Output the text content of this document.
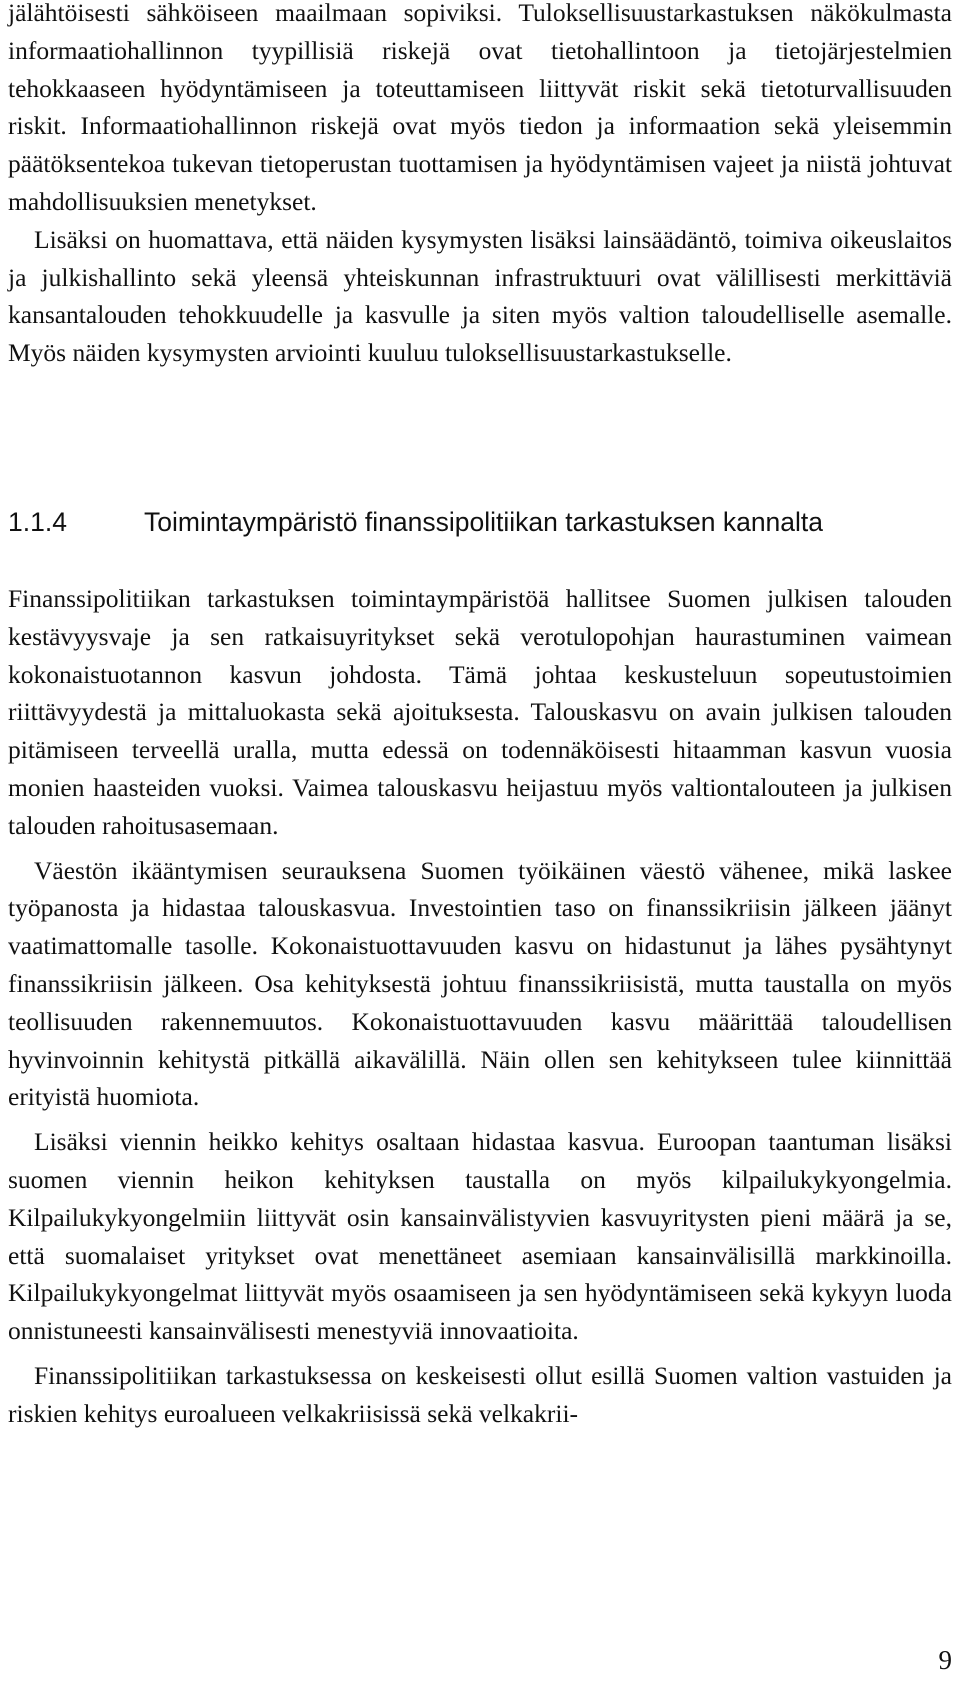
jälähtöisesti sähköiseen maailmaan sopiviksi. Tuloksellisuustarkastuksen näkökulmasta informaatiohallinnon tyypillisiä riskejä ovat tietohallintoon ja tietojärjestelmien tehokkaaseen hyödyntämiseen ja toteuttamiseen liittyvät riskit sekä tietoturvallisuuden riskit. Informaatiohallinnon riskejä ovat myös tiedon ja informaation sekä yleisemmin päätöksentekoa tukevan tietoperustan tuottamisen ja hyödyntämisen vajeet ja niistä johtuvat mahdollisuuksien menetykset.

Lisäksi on huomattava, että näiden kysymysten lisäksi lainsäädäntö, toimiva oikeuslaitos ja julkishallinto sekä yleensä yhteiskunnan infrastruktuuri ovat välillisesti merkittäviä kansantalouden tehokkuudelle ja kasvulle ja siten myös valtion taloudelliselle asemalle. Myös näiden kysymysten arviointi kuuluu tuloksellisuustarkastukselle.

1.1.4	Toimintaympäristö finanssipolitiikan tarkastuksen kannalta

Finanssipolitiikan tarkastuksen toimintaympäristöä hallitsee Suomen julkisen talouden kestävyysvaje ja sen ratkaisuyritykset sekä verotulopohjan haurastuminen vaimean kokonaistuotannon kasvun johdosta. Tämä johtaa keskusteluun sopeutustoimien riittävyydestä ja mittaluokasta sekä ajoituksesta. Talouskasvu on avain julkisen talouden pitämiseen terveellä uralla, mutta edessä on todennäköisesti hitaamman kasvun vuosia monien haasteiden vuoksi. Vaimea talouskasvu heijastuu myös valtiontalouteen ja julkisen talouden rahoitusasemaan.

Väestön ikääntymisen seurauksena Suomen työikäinen väestö vähenee, mikä laskee työpanosta ja hidastaa talouskasvua. Investointien taso on finanssikriisin jälkeen jäänyt vaatimattomalle tasolle. Kokonaistuottavuuden kasvu on hidastunut ja lähes pysähtynyt finanssikriisin jälkeen. Osa kehityksestä johtuu finanssikriisistä, mutta taustalla on myös teollisuuden rakennemuutos. Kokonaistuottavuuden kasvu määrittää taloudellisen hyvinvoinnin kehitystä pitkällä aikavälillä. Näin ollen sen kehitykseen tulee kiinnittää erityistä huomiota.

Lisäksi viennin heikko kehitys osaltaan hidastaa kasvua. Euroopan taantuman lisäksi suomen viennin heikon kehityksen taustalla on myös kilpailukykyongelmia. Kilpailukykyongelmiin liittyvät osin kansainvälistyvien kasvuyritysten pieni määrä ja se, että suomalaiset yritykset ovat menettäneet asemiaan kansainvälisillä markkinoilla. Kilpailukykyongelmat liittyvät myös osaamiseen ja sen hyödyntämiseen sekä kykyyn luoda onnistuneesti kansainvälisesti menestyviä innovaatioita.

Finanssipolitiikan tarkastuksessa on keskeisesti ollut esillä Suomen valtion vastuiden ja riskien kehitys euroalueen velkakriisissä sekä velkakrii-

9
